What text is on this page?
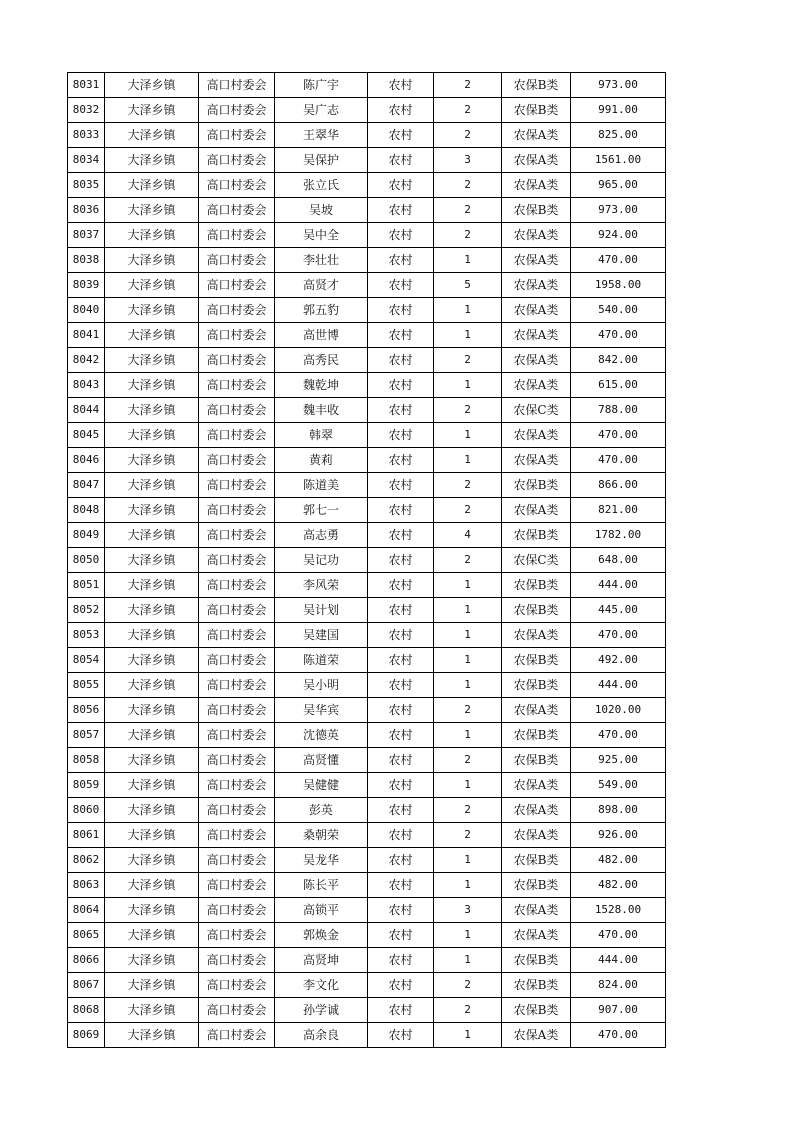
8031	大泽乡镇	高口村委会	陈广宇	农村	2	农保B类	973.00
8032	大泽乡镇	高口村委会	吴广志	农村	2	农保B类	991.00
8033	大泽乡镇	高口村委会	王翠华	农村	2	农保A类	825.00
8034	大泽乡镇	高口村委会	吴保护	农村	3	农保A类	1561.00
8035	大泽乡镇	高口村委会	张立氏	农村	2	农保A类	965.00
8036	大泽乡镇	高口村委会	吴坡	农村	2	农保B类	973.00
8037	大泽乡镇	高口村委会	吴中全	农村	2	农保A类	924.00
8038	大泽乡镇	高口村委会	李壮壮	农村	1	农保A类	470.00
8039	大泽乡镇	高口村委会	高贤才	农村	5	农保A类	1958.00
8040	大泽乡镇	高口村委会	郭五豹	农村	1	农保A类	540.00
8041	大泽乡镇	高口村委会	高世博	农村	1	农保A类	470.00
8042	大泽乡镇	高口村委会	高秀民	农村	2	农保A类	842.00
8043	大泽乡镇	高口村委会	魏乾坤	农村	1	农保A类	615.00
8044	大泽乡镇	高口村委会	魏丰收	农村	2	农保C类	788.00
8045	大泽乡镇	高口村委会	韩翠	农村	1	农保A类	470.00
8046	大泽乡镇	高口村委会	黄莉	农村	1	农保A类	470.00
8047	大泽乡镇	高口村委会	陈道美	农村	2	农保B类	866.00
8048	大泽乡镇	高口村委会	郭七一	农村	2	农保A类	821.00
8049	大泽乡镇	高口村委会	高志勇	农村	4	农保B类	1782.00
8050	大泽乡镇	高口村委会	吴记功	农村	2	农保C类	648.00
8051	大泽乡镇	高口村委会	李风荣	农村	1	农保B类	444.00
8052	大泽乡镇	高口村委会	吴计划	农村	1	农保B类	445.00
8053	大泽乡镇	高口村委会	吴建国	农村	1	农保A类	470.00
8054	大泽乡镇	高口村委会	陈道荣	农村	1	农保B类	492.00
8055	大泽乡镇	高口村委会	吴小明	农村	1	农保B类	444.00
8056	大泽乡镇	高口村委会	吴华宾	农村	2	农保A类	1020.00
8057	大泽乡镇	高口村委会	沈德英	农村	1	农保B类	470.00
8058	大泽乡镇	高口村委会	高贤懂	农村	2	农保B类	925.00
8059	大泽乡镇	高口村委会	吴健健	农村	1	农保A类	549.00
8060	大泽乡镇	高口村委会	彭英	农村	2	农保A类	898.00
8061	大泽乡镇	高口村委会	桑朝荣	农村	2	农保A类	926.00
8062	大泽乡镇	高口村委会	吴龙华	农村	1	农保B类	482.00
8063	大泽乡镇	高口村委会	陈长平	农村	1	农保B类	482.00
8064	大泽乡镇	高口村委会	高锁平	农村	3	农保A类	1528.00
8065	大泽乡镇	高口村委会	郭焕金	农村	1	农保A类	470.00
8066	大泽乡镇	高口村委会	高贤坤	农村	1	农保B类	444.00
8067	大泽乡镇	高口村委会	李文化	农村	2	农保B类	824.00
8068	大泽乡镇	高口村委会	孙学诚	农村	2	农保B类	907.00
8069	大泽乡镇	高口村委会	高余良	农村	1	农保A类	470.00
